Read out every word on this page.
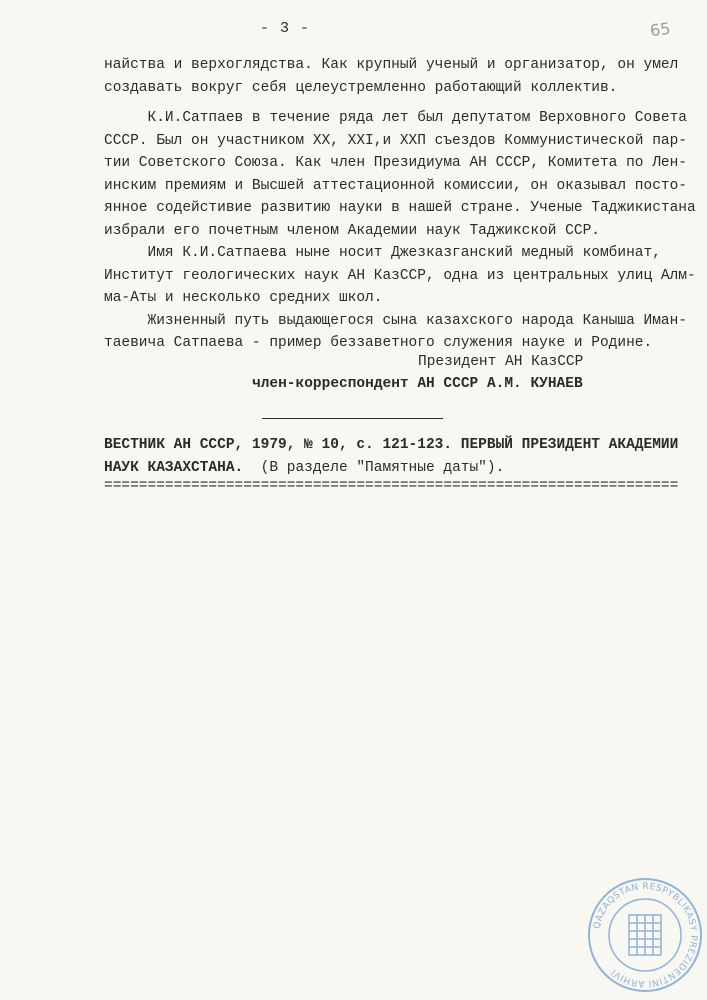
- 3 -	65
найства и верхоглядства. Как крупный ученый и организатор, он умел
создавать вокруг себя целеустремленно работающий коллектив.
К.И.Сатпаев в течение ряда лет был депутатом Верховного Совета
СССР. Был он участником XX, XXI,и XXП съездов Коммунистической пар-
тии Советского Союза. Как член Президиума АН СССР, Комитета по Лен-
инским премиям и Высшей аттестационной комиссии, он оказывал посто-
янное содейстивие развитию науки в нашей стране. Ученые Таджикистана
избрали его почетным членом Академии наук Таджикской ССР.
Имя К.И.Сатпаева ныне носит Джезказганский медный комбинат,
Институт геологических наук АН КазССР, одна из центральных улиц Алм-
ма-Аты и несколько средних школ.
Жизненный путь выдающегося сына казахского народа Каныша Иман-
таевича Сатпаева - пример беззаветного служения науке и Родине.
Президент АН КазССР
член-корреспондент АН СССР А.М. КУНАЕВ
ВЕСТНИК АН СССР, 1979, № 10, с. 121-123. ПЕРВЫЙ ПРЕЗИДЕНТ АКАДЕМИИ
НАУК КАЗАХСТАНА.  (В разделе "Памятные даты").
==================================================================
QAZAQSTAN RESPYBLIKASY PREZIDENTINI ARHIVI
